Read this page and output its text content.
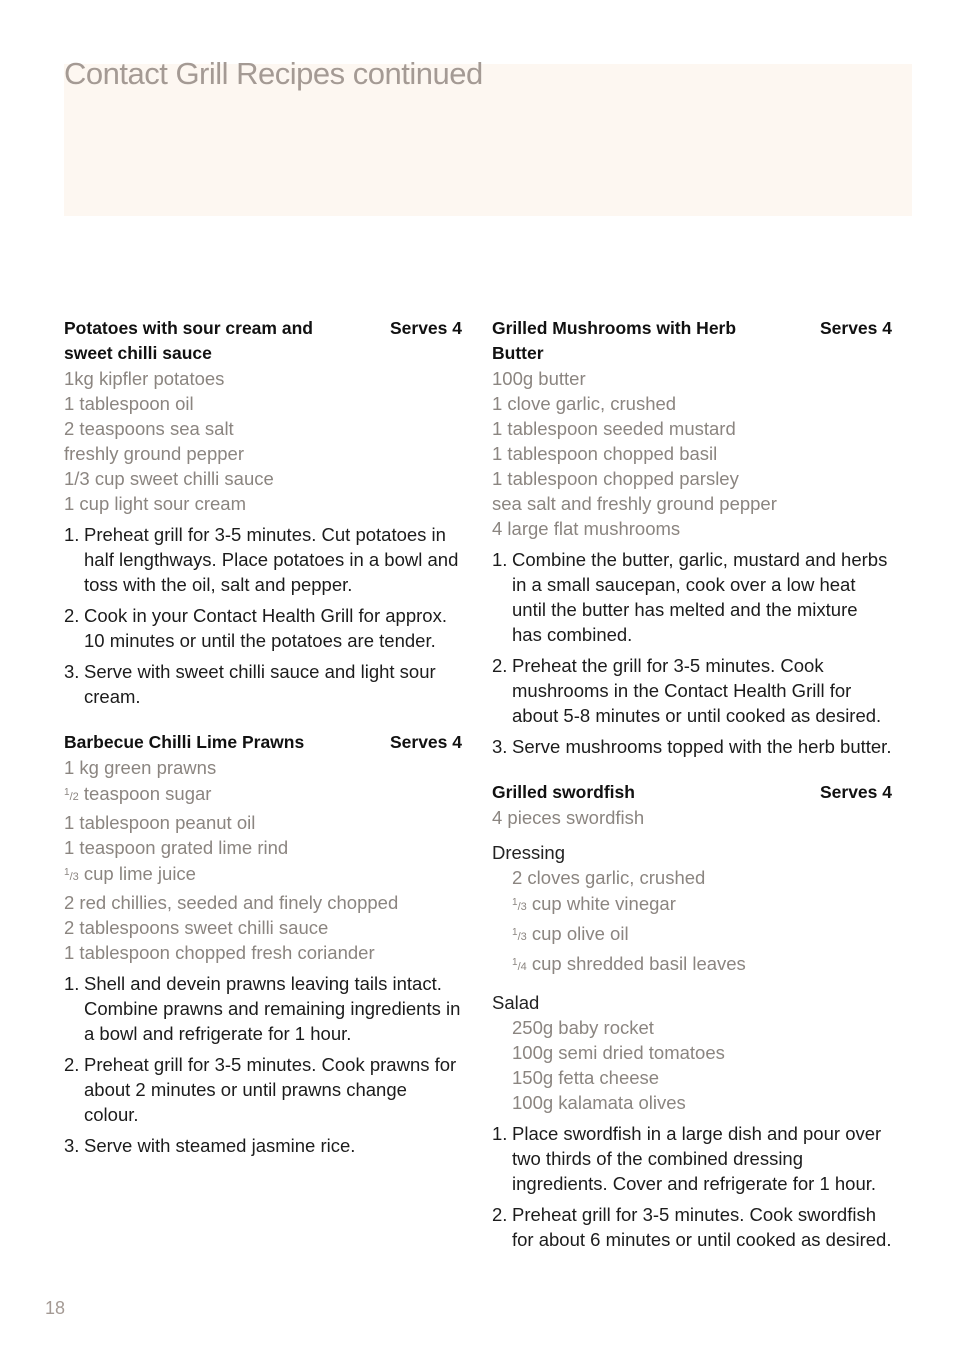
Contact Grill Recipes continued
Potatoes with sour cream and sweet chilli sauce
Serves 4
1kg kipfler potatoes
1 tablespoon oil
2 teaspoons sea salt
freshly ground pepper
1/3 cup sweet chilli sauce
1 cup light sour cream
1. Preheat grill for 3-5 minutes. Cut potatoes in half lengthways. Place potatoes in a bowl and toss with the oil, salt and pepper.
2. Cook in your Contact Health Grill for approx. 10 minutes or until the potatoes are tender.
3. Serve with sweet chilli sauce and light sour cream.
Barbecue Chilli Lime Prawns	Serves 4
1 kg green prawns
$^1$/2 teaspoon sugar
1 tablespoon peanut oil
1 teaspoon grated lime rind
$^1$/3 cup lime juice
2 red chillies, seeded and finely chopped
2 tablespoons sweet chilli sauce
1 tablespoon chopped fresh coriander
1. Shell and devein prawns leaving tails intact. Combine prawns and remaining ingredients in a bowl and refrigerate for 1 hour.
2. Preheat grill for 3-5 minutes. Cook prawns for about 2 minutes or until prawns change colour.
3. Serve with steamed jasmine rice.
Grilled Mushrooms with Herb Butter
Serves 4
100g butter
1 clove garlic, crushed
1 tablespoon seeded mustard
1 tablespoon chopped basil
1 tablespoon chopped parsley
sea salt and freshly ground pepper
4 large flat mushrooms
1. Combine the butter, garlic, mustard and herbs in a small saucepan, cook over a low heat until the butter has melted and the mixture has combined.
2. Preheat the grill for 3-5 minutes. Cook mushrooms in the Contact Health Grill for about 5-8 minutes or until cooked as desired.
3. Serve mushrooms topped with the herb butter.
Grilled swordfish	Serves 4
4 pieces swordfish
Dressing
2 cloves garlic, crushed
$^1$/3 cup white vinegar
$^1$/3 cup olive oil
$^1$/4 cup shredded basil leaves
Salad
250g baby rocket
100g semi dried tomatoes
150g fetta cheese
100g kalamata olives
1. Place swordfish in a large dish and pour over two thirds of the combined dressing ingredients. Cover and refrigerate for 1 hour.
2. Preheat grill for 3-5 minutes. Cook swordfish for about 6 minutes or until cooked as desired.
18
